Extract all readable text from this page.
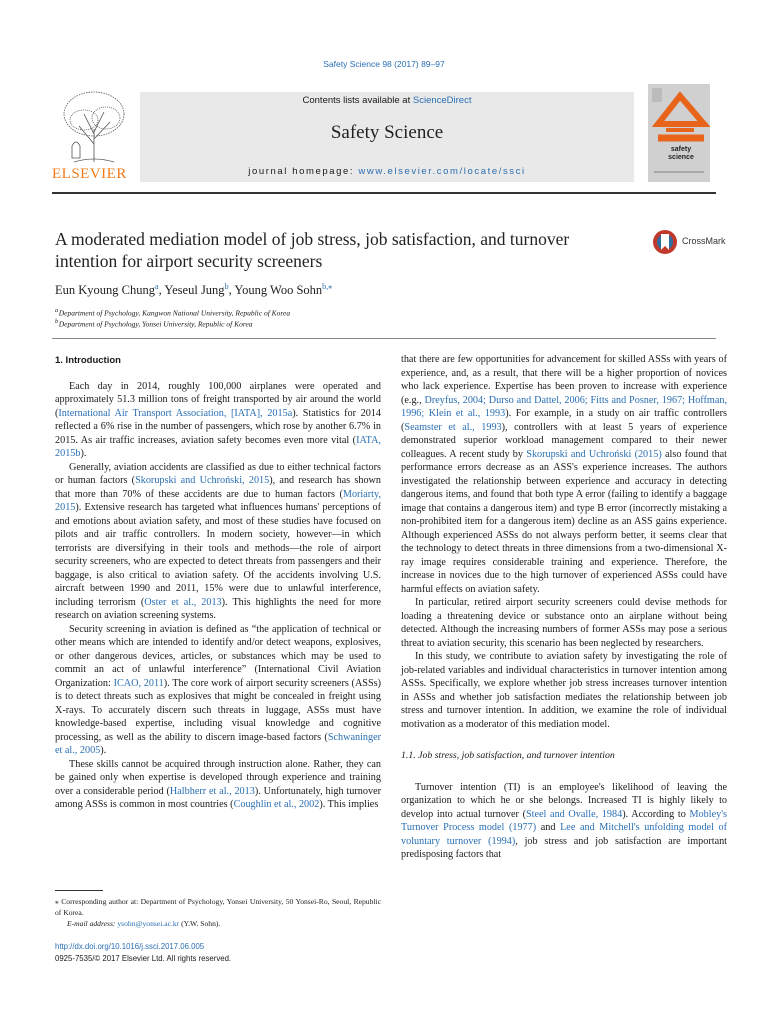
Safety Science 98 (2017) 89–97
ELSEVIER
Contents lists available at ScienceDirect
Safety Science
journal homepage: www.elsevier.com/locate/ssci
safety science
A moderated mediation model of job stress, job satisfaction, and turnover intention for airport security screeners
CrossMark
Eun Kyoung Chung$^a$, Yeseul Jung$^b$, Young Woo Sohn$^{b,⁎}$
$^a$ Department of Psychology, Kangwon National University, Republic of Korea
$^b$ Department of Psychology, Yonsei University, Republic of Korea
1. Introduction

Each day in 2014, roughly 100,000 airplanes were operated and approximately 51.3 million tons of freight transported by air around the world (International Air Transport Association, [IATA], 2015a). Statistics for 2014 reflected a 6% rise in the number of passengers, which rose by another 6.7% in 2015. As air traffic increases, aviation safety becomes even more vital (IATA, 2015b).

Generally, aviation accidents are classified as due to either technical factors or human factors (Skorupski and Uchroński, 2015), and research has shown that more than 70% of these accidents are due to human factors (Moriarty, 2015). Extensive research has targeted what influences humans' perceptions of and emotions about aviation safety, and most of these studies have focused on pilots and air traffic controllers. In modern society, however—in which terrorists are diversifying in their tools and methods—the role of airport security screeners, who are expected to detect threats from passengers and their baggage, is also critical to aviation safety. Of the accidents involving U.S. aircraft between 1990 and 2011, 15% were due to unlawful interference, including terrorism (Oster et al., 2013). This highlights the need for more research on aviation screening systems.

Security screening in aviation is defined as “the application of technical or other means which are intended to identify and/or detect weapons, explosives, or other dangerous devices, articles, or substances which may be used to commit an act of unlawful interference” (International Civil Aviation Organization: ICAO, 2011). The core work of airport security screeners (ASSs) is to detect threats such as explosives that might be concealed in freight using X-rays. To accurately discern such threats in luggage, ASSs must have knowledge-based expertise, including visual knowledge and cognitive processing, as well as the ability to discern image-based factors (Schwaninger et al., 2005).

These skills cannot be acquired through instruction alone. Rather, they can be gained only when expertise is developed through experience and training over a considerable period (Halbherr et al., 2013). Unfortunately, high turnover among ASSs is common in most countries (Coughlin et al., 2002). This implies

⁎ Corresponding author at: Department of Psychology, Yonsei University, 50 Yonsei-Ro, Seoul, Republic of Korea.
E-mail address: ysohn@yonsei.ac.kr (Y.W. Sohn).
http://dx.doi.org/10.1016/j.ssci.2017.06.005
0925-7535/© 2017 Elsevier Ltd. All rights reserved.

that there are few opportunities for advancement for skilled ASSs with years of experience, and, as a result, that there will be a higher proportion of novices who lack experience. Expertise has been proven to increase with experience (e.g., Dreyfus, 2004; Durso and Dattel, 2006; Fitts and Posner, 1967; Hoffman, 1996; Klein et al., 1993). For example, in a study on air traffic controllers (Seamster et al., 1993), controllers with at least 5 years of experience demonstrated superior workload management compared to their newer colleagues. A recent study by Skorupski and Uchroński (2015) also found that performance errors decrease as an ASS's experience increases. The authors investigated the relationship between experience and accuracy in detecting dangerous items, and found that both type A error (failing to identify a baggage image that contains a dangerous item) and type B error (incorrectly mistaking a non-prohibited item for a dangerous item) decline as an ASS gains experience. Although experienced ASSs do not always perform better, it seems clear that the technology to detect threats in three dimensions from a two-dimensional X-ray image requires considerable training and experience. Therefore, the increase in novices due to the high turnover of experienced ASSs could have harmful effects on aviation safety.

In particular, retired airport security screeners could devise methods for loading a threatening device or substance onto an airplane without being detected. Although the increasing numbers of former ASSs may pose a serious threat to aviation security, this scenario has been neglected by researchers.

In this study, we contribute to aviation safety by investigating the role of job-related variables and individual characteristics in turnover intention among ASSs. Specifically, we explore whether job stress increases turnover intention in ASSs and whether job satisfaction mediates the relationship between job stress and turnover intention. In addition, we examine the role of individual motivation as a moderator of this mediation model.

1.1. Job stress, job satisfaction, and turnover intention

Turnover intention (TI) is an employee's likelihood of leaving the organization to which he or she belongs. Increased TI is highly likely to develop into actual turnover (Steel and Ovalle, 1984). According to Mobley's Turnover Process model (1977) and Lee and Mitchell's unfolding model of voluntary turnover (1994), job stress and job satisfaction are important predisposing factors that
